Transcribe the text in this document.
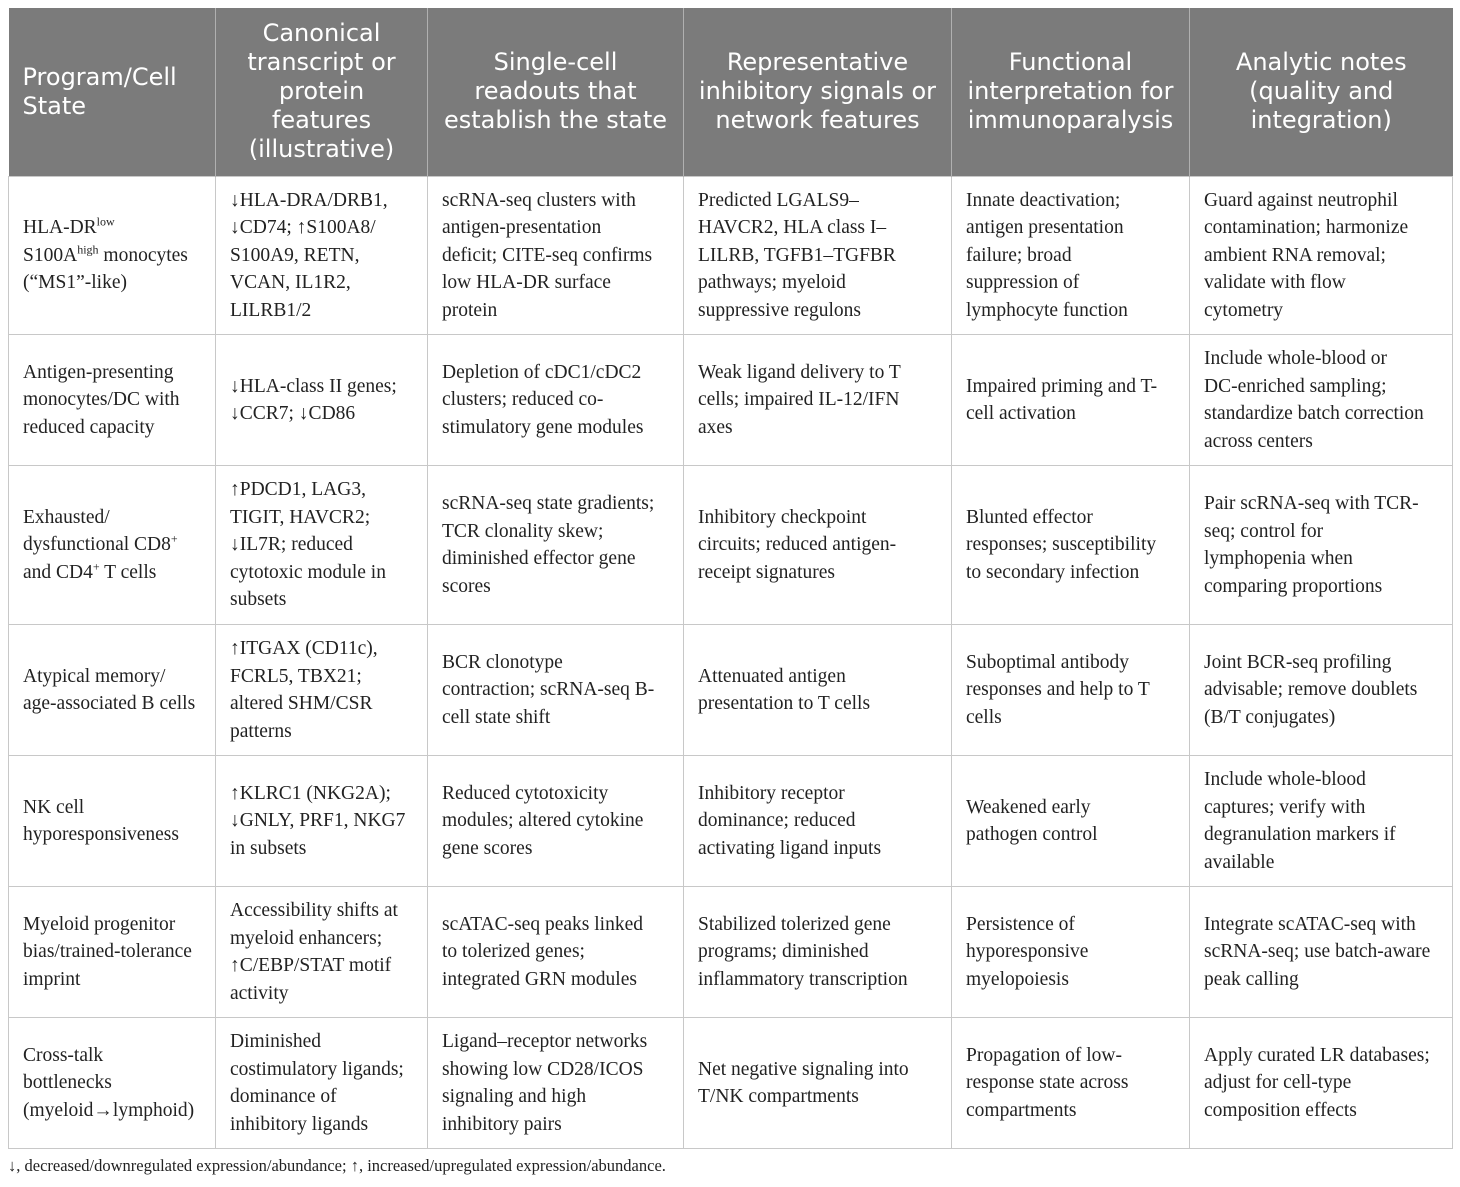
Program/Cell
State	Canonical
transcript or
protein
features
(illustrative)	Single-cell
readouts that
establish the state	Representative
inhibitory signals or
network features	Functional
interpretation for
immunoparalysis	Analytic notes
(quality and
integration)

HLA-$DR^{low}$
$S100A^{high}$ monocytes
(“MS1”-like)	↓HLA-DRA/DRB1,
↓CD74; ↑S100A8/
S100A9, RETN,
VCAN, IL1R2,
LILRB1/2	scRNA-seq clusters with
antigen-presentation
deficit; CITE-seq confirms
low HLA-DR surface
protein	Predicted LGALS9–
HAVCR2, HLA class I–
LILRB, TGFB1–TGFBR
pathways; myeloid
suppressive regulons	Innate deactivation;
antigen presentation
failure; broad
suppression of
lymphocyte function	Guard against neutrophil
contamination; harmonize
ambient RNA removal;
validate with flow
cytometry

Antigen-presenting
monocytes/DC with
reduced capacity	↓HLA-class II genes;
↓CCR7; ↓CD86	Depletion of cDC1/cDC2
clusters; reduced co-
stimulatory gene modules	Weak ligand delivery to T
cells; impaired IL-12/IFN
axes	Impaired priming and T-
cell activation	Include whole-blood or
DC-enriched sampling;
standardize batch correction
across centers

Exhausted/
dysfunctional CD8+
and CD4+ T cells	↑PDCD1, LAG3,
TIGIT, HAVCR2;
↓IL7R; reduced
cytotoxic module in
subsets	scRNA-seq state gradients;
TCR clonality skew;
diminished effector gene
scores	Inhibitory checkpoint
circuits; reduced antigen-
receipt signatures	Blunted effector
responses; susceptibility
to secondary infection	Pair scRNA-seq with TCR-
seq; control for
lymphopenia when
comparing proportions

Atypical memory/
age-associated B cells	↑ITGAX (CD11c),
FCRL5, TBX21;
altered SHM/CSR
patterns	BCR clonotype
contraction; scRNA-seq B-
cell state shift	Attenuated antigen
presentation to T cells	Suboptimal antibody
responses and help to T
cells	Joint BCR-seq profiling
advisable; remove doublets
(B/T conjugates)

NK cell
hyporesponsiveness	↑KLRC1 (NKG2A);
↓GNLY, PRF1, NKG7
in subsets	Reduced cytotoxicity
modules; altered cytokine
gene scores	Inhibitory receptor
dominance; reduced
activating ligand inputs	Weakened early
pathogen control	Include whole-blood
captures; verify with
degranulation markers if
available

Myeloid progenitor
bias/trained-tolerance
imprint	Accessibility shifts at
myeloid enhancers;
↑C/EBP/STAT motif
activity	scATAC-seq peaks linked
to tolerized genes;
integrated GRN modules	Stabilized tolerized gene
programs; diminished
inflammatory transcription	Persistence of
hyporesponsive
myelopoiesis	Integrate scATAC-seq with
scRNA-seq; use batch-aware
peak calling

Cross-talk
bottlenecks
(myeloid→lymphoid)	Diminished
costimulatory ligands;
dominance of
inhibitory ligands	Ligand–receptor networks
showing low CD28/ICOS
signaling and high
inhibitory pairs	Net negative signaling into
T/NK compartments	Propagation of low-
response state across
compartments	Apply curated LR databases;
adjust for cell-type
composition effects
↓, decreased/downregulated expression/abundance; ↑, increased/upregulated expression/abundance.
